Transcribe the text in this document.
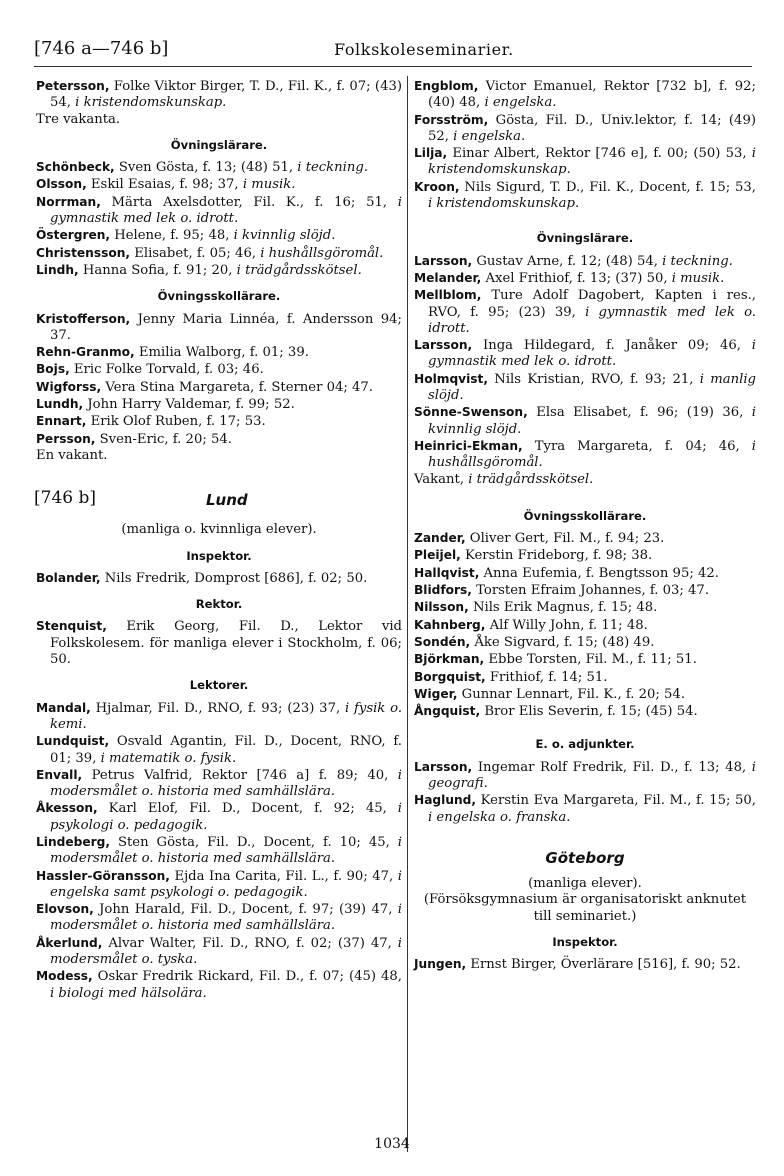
[746 a—746 b]	Folkskoleseminarier.
Petersson, Folke Viktor Birger, T. D., Fil. K., f. 07; (43) 54, i kristendomskunskap.
Tre vakanta.
Övningslärare.
Schönbeck, Sven Gösta, f. 13; (48) 51, i teckning.
Olsson, Eskil Esaias, f. 98; 37, i musik.
Norrman, Märta Axelsdotter, Fil. K., f. 16; 51, i gymnastik med lek o. idrott.
Östergren, Helene, f. 95; 48, i kvinnlig slöjd.
Christensson, Elisabet, f. 05; 46, i hushållsgöromål.
Lindh, Hanna Sofia, f. 91; 20, i trädgårdsskötsel.
Övningsskollärare.
Kristofferson, Jenny Maria Linnéa, f. Andersson 94; 37.
Rehn-Granmo, Emilia Walborg, f. 01; 39.
Bojs, Eric Folke Torvald, f. 03; 46.
Wigforss, Vera Stina Margareta, f. Sterner 04; 47.
Lundh, John Harry Valdemar, f. 99; 52.
Ennart, Erik Olof Ruben, f. 17; 53.
Persson, Sven-Eric, f. 20; 54.
En vakant.
[746 b]	Lund
(manliga o. kvinnliga elever).
Inspektor.
Bolander, Nils Fredrik, Domprost [686], f. 02; 50.
Rektor.
Stenquist, Erik Georg, Fil. D., Lektor vid Folkskolesem. för manliga elever i Stockholm, f. 06; 50.
Lektorer.
Mandal, Hjalmar, Fil. D., RNO, f. 93; (23) 37, i fysik o. kemi.
Lundquist, Osvald Agantin, Fil. D., Docent, RNO, f. 01; 39, i matematik o. fysik.
Envall, Petrus Valfrid, Rektor [746 a] f. 89; 40, i modersmålet o. historia med samhällslära.
Åkesson, Karl Elof, Fil. D., Docent, f. 92; 45, i psykologi o. pedagogik.
Lindeberg, Sten Gösta, Fil. D., Docent, f. 10; 45, i modersmålet o. historia med samhällslära.
Hassler-Göransson, Ejda Ina Carita, Fil. L., f. 90; 47, i engelska samt psykologi o. pedagogik.
Elovson, John Harald, Fil. D., Docent, f. 97; (39) 47, i modersmålet o. historia med samhällslära.
Åkerlund, Alvar Walter, Fil. D., RNO, f. 02; (37) 47, i modersmålet o. tyska.
Modess, Oskar Fredrik Rickard, Fil. D., f. 07; (45) 48, i biologi med hälsolära.
Engblom, Victor Emanuel, Rektor [732 b], f. 92; (40) 48, i engelska.
Forsström, Gösta, Fil. D., Univ.lektor, f. 14; (49) 52, i engelska.
Lilja, Einar Albert, Rektor [746 e], f. 00; (50) 53, i kristendomskunskap.
Kroon, Nils Sigurd, T. D., Fil. K., Docent, f. 15; 53, i kristendomskunskap.
Övningslärare.
Larsson, Gustav Arne, f. 12; (48) 54, i teckning.
Melander, Axel Frithiof, f. 13; (37) 50, i musik.
Mellblom, Ture Adolf Dagobert, Kapten i res., RVO, f. 95; (23) 39, i gymnastik med lek o. idrott.
Larsson, Inga Hildegard, f. Janåker 09; 46, i gymnastik med lek o. idrott.
Holmqvist, Nils Kristian, RVO, f. 93; 21, i manlig slöjd.
Sönne-Swenson, Elsa Elisabet, f. 96; (19) 36, i kvinnlig slöjd.
Heinrici-Ekman, Tyra Margareta, f. 04; 46, i hushållsgöromål.
Vakant, i trädgårdsskötsel.
Övningsskollärare.
Zander, Oliver Gert, Fil. M., f. 94; 23.
Pleijel, Kerstin Frideborg, f. 98; 38.
Hallqvist, Anna Eufemia, f. Bengtsson 95; 42.
Blidfors, Torsten Efraim Johannes, f. 03; 47.
Nilsson, Nils Erik Magnus, f. 15; 48.
Kahnberg, Alf Willy John, f. 11; 48.
Sondén, Åke Sigvard, f. 15; (48) 49.
Björkman, Ebbe Torsten, Fil. M., f. 11; 51.
Borgquist, Frithiof, f. 14; 51.
Wiger, Gunnar Lennart, Fil. K., f. 20; 54.
Ångquist, Bror Elis Severin, f. 15; (45) 54.
E. o. adjunkter.
Larsson, Ingemar Rolf Fredrik, Fil. D., f. 13; 48, i geografi.
Haglund, Kerstin Eva Margareta, Fil. M., f. 15; 50, i engelska o. franska.
Göteborg
(manliga elever).
(Försöksgymnasium är organisatoriskt anknutet till seminariet.)
Inspektor.
Jungen, Ernst Birger, Överlärare [516], f. 90; 52.
1034
